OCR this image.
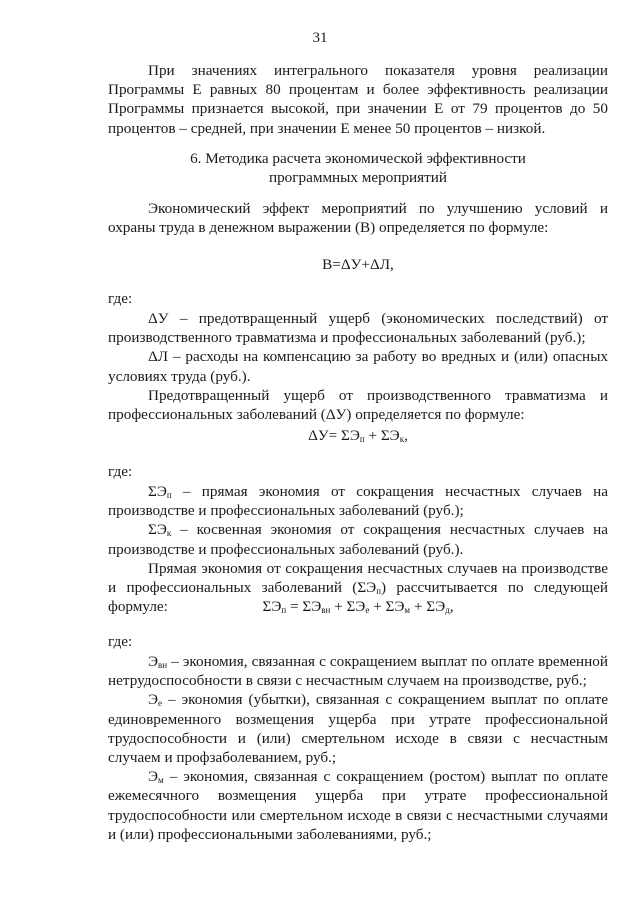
31

При значениях интегрального показателя уровня реализации Программы Е равных 80 процентам и более эффективность реализации Программы признается высокой, при значении Е от 79 процентов до 50 процентов – средней, при значении Е менее 50 процентов – низкой.

6. Методика расчета экономической эффективности

программных мероприятий

Экономический эффект мероприятий по улучшению условий и охраны труда в денежном выражении (В) определяется по формуле:

В=ΔУ+ΔЛ,
где:

ΔУ – предотвращенный ущерб (экономических последствий) от производственного травматизма и профессиональных заболеваний (руб.);

ΔЛ – расходы на компенсацию за работу во вредных и (или) опасных условиях труда (руб.).

Предотвращенный ущерб от производственного травматизма и профессиональных заболеваний (ΔУ) определяется по формуле:

$\Delta У= \Sigma Э_п + \Sigma Э_к$,
где:

$\Sigma Э_п$ – прямая экономия от сокращения несчастных случаев на производстве и профессиональных заболеваний (руб.);

$\Sigma Э_к$ – косвенная экономия от сокращения несчастных случаев на производстве и профессиональных заболеваний (руб.).

Прямая экономия от сокращения несчастных случаев на производстве и профессиональных заболеваний $(\Sigma Э_п)$ рассчитывается по следующей формуле:	$\Sigma Э_п = \Sigma Э_{вн} + \Sigma Э_е + \Sigma Э_м + \Sigma Э_д$,
где:

$Э_{вн}$ – экономия, связанная с сокращением выплат по оплате временной нетрудоспособности в связи с несчастным случаем на производстве, руб.;

$Э_е$ – экономия (убытки), связанная с сокращением выплат по оплате единовременного возмещения ущерба при утрате профессиональной трудоспособности и (или) смертельном исходе в связи с несчастным случаем и профзаболеванием, руб.;

$Э_м$ – экономия, связанная с сокращением (ростом) выплат по оплате ежемесячного возмещения ущерба при утрате профессиональной трудоспособности или смертельном исходе в связи с несчастными случаями и (или) профессиональными заболеваниями, руб.;
